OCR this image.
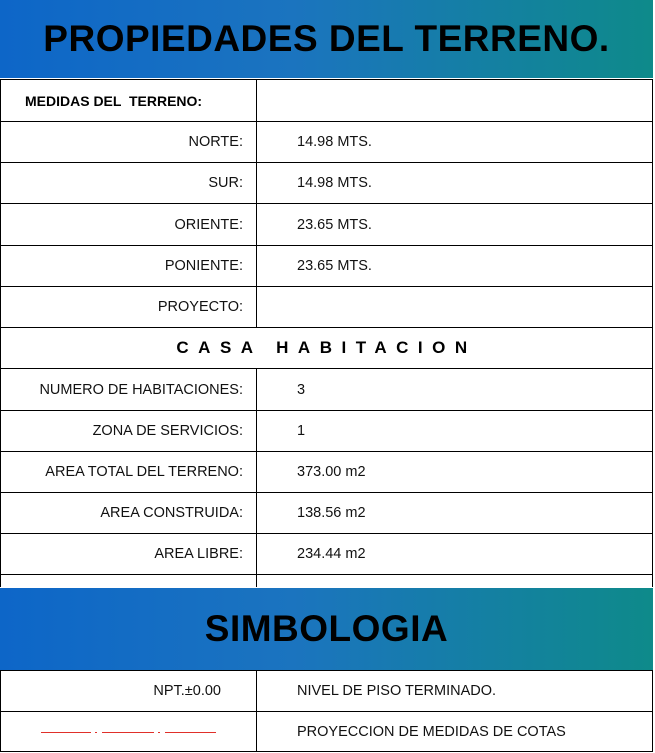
PROPIEDADES DEL TERRENO.
MEDIDAS DEL  TERRENO:
NORTE:	14.98 MTS.
SUR:	14.98 MTS.
ORIENTE:	23.65 MTS.
PONIENTE:	23.65 MTS.
PROYECTO:
CASA HABITACION
NUMERO DE HABITACIONES:	3
ZONA DE SERVICIOS:	1
AREA TOTAL DEL TERRENO:	373.00 m2
AREA CONSTRUIDA:	138.56 m2
AREA LIBRE:	234.44 m2
SIMBOLOGIA
NPT.±0.00	NIVEL DE PISO TERMINADO.
PROYECCION DE MEDIDAS DE COTAS
